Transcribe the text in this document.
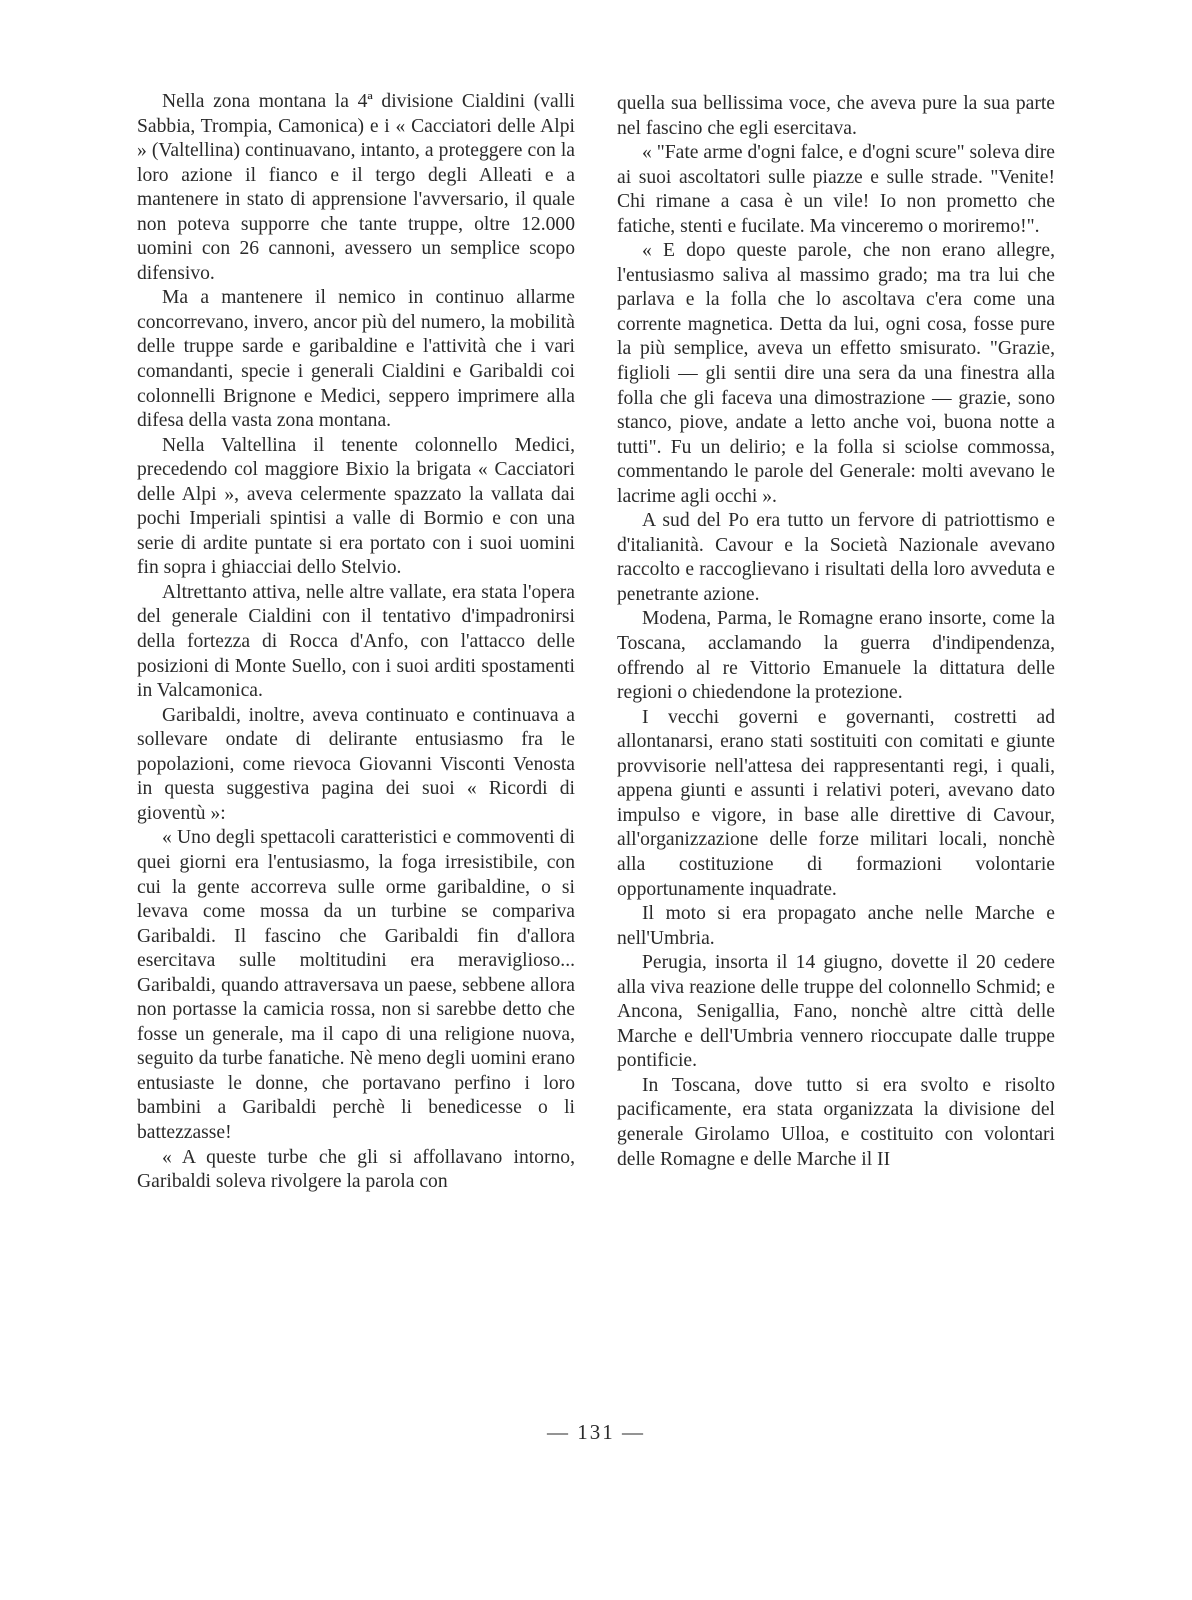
Nella zona montana la 4ª divisione Cialdini (valli Sabbia, Trompia, Camonica) e i « Cacciatori delle Alpi » (Valtellina) continuavano, intanto, a proteggere con la loro azione il fianco e il tergo degli Alleati e a mantenere in stato di apprensione l'avversario, il quale non poteva supporre che tante truppe, oltre 12.000 uomini con 26 cannoni, avessero un semplice scopo difensivo.

Ma a mantenere il nemico in continuo allarme concorrevano, invero, ancor più del numero, la mobilità delle truppe sarde e garibaldine e l'attività che i vari comandanti, specie i generali Cialdini e Garibaldi coi colonnelli Brignone e Medici, seppero imprimere alla difesa della vasta zona montana.

Nella Valtellina il tenente colonnello Medici, precedendo col maggiore Bixio la brigata « Cacciatori delle Alpi », aveva celermente spazzato la vallata dai pochi Imperiali spintisi a valle di Bormio e con una serie di ardite puntate si era portato con i suoi uomini fin sopra i ghiacciai dello Stelvio.

Altrettanto attiva, nelle altre vallate, era stata l'opera del generale Cialdini con il tentativo d'impadronirsi della fortezza di Rocca d'Anfo, con l'attacco delle posizioni di Monte Suello, con i suoi arditi spostamenti in Valcamonica.

Garibaldi, inoltre, aveva continuato e continuava a sollevare ondate di delirante entusiasmo fra le popolazioni, come rievoca Giovanni Visconti Venosta in questa suggestiva pagina dei suoi « Ricordi di gioventù »:

« Uno degli spettacoli caratteristici e commoventi di quei giorni era l'entusiasmo, la foga irresistibile, con cui la gente accorreva sulle orme garibaldine, o si levava come mossa da un turbine se compariva Garibaldi. Il fascino che Garibaldi fin d'allora esercitava sulle moltitudini era meraviglioso... Garibaldi, quando attraversava un paese, sebbene allora non portasse la camicia rossa, non si sarebbe detto che fosse un generale, ma il capo di una religione nuova, seguito da turbe fanatiche. Nè meno degli uomini erano entusiaste le donne, che portavano perfino i loro bambini a Garibaldi perchè li benedicesse o li battezzasse!

« A queste turbe che gli si affollavano intorno, Garibaldi soleva rivolgere la parola con

quella sua bellissima voce, che aveva pure la sua parte nel fascino che egli esercitava.

« "Fate arme d'ogni falce, e d'ogni scure" soleva dire ai suoi ascoltatori sulle piazze e sulle strade. "Venite! Chi rimane a casa è un vile! Io non prometto che fatiche, stenti e fucilate. Ma vinceremo o moriremo!".

« E dopo queste parole, che non erano allegre, l'entusiasmo saliva al massimo grado; ma tra lui che parlava e la folla che lo ascoltava c'era come una corrente magnetica. Detta da lui, ogni cosa, fosse pure la più semplice, aveva un effetto smisurato. "Grazie, figlioli — gli sentii dire una sera da una finestra alla folla che gli faceva una dimostrazione — grazie, sono stanco, piove, andate a letto anche voi, buona notte a tutti". Fu un delirio; e la folla si sciolse commossa, commentando le parole del Generale: molti avevano le lacrime agli occhi ».

A sud del Po era tutto un fervore di patriottismo e d'italianità. Cavour e la Società Nazionale avevano raccolto e raccoglievano i risultati della loro avveduta e penetrante azione.

Modena, Parma, le Romagne erano insorte, come la Toscana, acclamando la guerra d'indipendenza, offrendo al re Vittorio Emanuele la dittatura delle regioni o chiedendone la protezione.

I vecchi governi e governanti, costretti ad allontanarsi, erano stati sostituiti con comitati e giunte provvisorie nell'attesa dei rappresentanti regi, i quali, appena giunti e assunti i relativi poteri, avevano dato impulso e vigore, in base alle direttive di Cavour, all'organizzazione delle forze militari locali, nonchè alla costituzione di formazioni volontarie opportunamente inquadrate.

Il moto si era propagato anche nelle Marche e nell'Umbria.

Perugia, insorta il 14 giugno, dovette il 20 cedere alla viva reazione delle truppe del colonnello Schmid; e Ancona, Senigallia, Fano, nonchè altre città delle Marche e dell'Umbria vennero rioccupate dalle truppe pontificie.

In Toscana, dove tutto si era svolto e risolto pacificamente, era stata organizzata la divisione del generale Girolamo Ulloa, e costituito con volontari delle Romagne e delle Marche il II

— 131 —
